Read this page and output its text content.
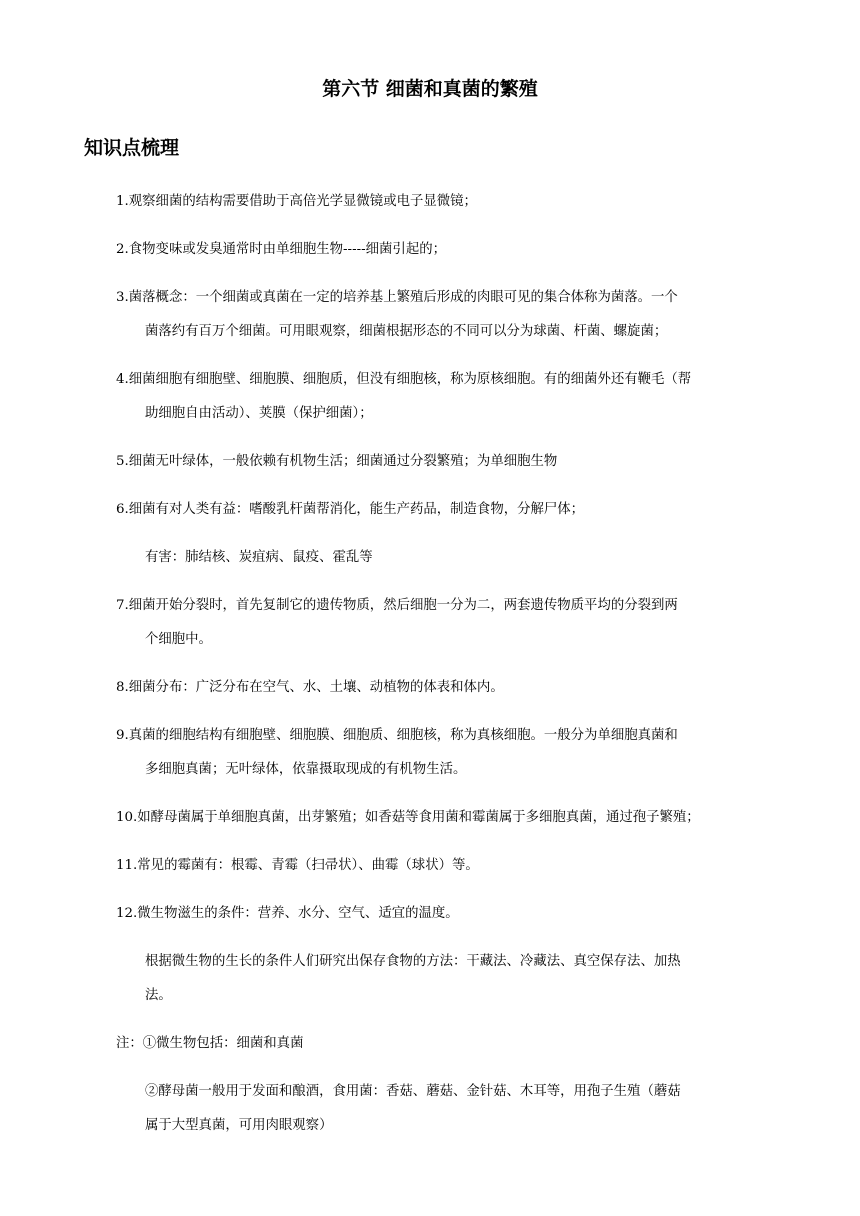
第六节 细菌和真菌的繁殖
知识点梳理
1.观察细菌的结构需要借助于高倍光学显微镜或电子显微镜；
2.食物变味或发臭通常时由单细胞生物-----细菌引起的；
3.菌落概念：一个细菌或真菌在一定的培养基上繁殖后形成的肉眼可见的集合体称为菌落。一个
菌落约有百万个细菌。可用眼观察，细菌根据形态的不同可以分为球菌、杆菌、螺旋菌；
4.细菌细胞有细胞壁、细胞膜、细胞质，但没有细胞核，称为原核细胞。有的细菌外还有鞭毛（帮
助细胞自由活动）、荚膜（保护细菌）；
5.细菌无叶绿体，一般依赖有机物生活；细菌通过分裂繁殖；为单细胞生物
6.细菌有对人类有益：嗜酸乳杆菌帮消化，能生产药品，制造食物，分解尸体；
有害：肺结核、炭疽病、鼠疫、霍乱等
7.细菌开始分裂时，首先复制它的遗传物质，然后细胞一分为二，两套遗传物质平均的分裂到两
个细胞中。
8.细菌分布：广泛分布在空气、水、土壤、动植物的体表和体内。
9.真菌的细胞结构有细胞壁、细胞膜、细胞质、细胞核，称为真核细胞。一般分为单细胞真菌和
多细胞真菌；无叶绿体，依靠摄取现成的有机物生活。
10.如酵母菌属于单细胞真菌，出芽繁殖；如香菇等食用菌和霉菌属于多细胞真菌，通过孢子繁殖；
11.常见的霉菌有：根霉、青霉（扫帚状）、曲霉（球状）等。
12.微生物滋生的条件：营养、水分、空气、适宜的温度。
根据微生物的生长的条件人们研究出保存食物的方法：干藏法、冷藏法、真空保存法、加热
法。
注：①微生物包括：细菌和真菌
②酵母菌一般用于发面和酿酒，食用菌：香菇、蘑菇、金针菇、木耳等，用孢子生殖（蘑菇
属于大型真菌，可用肉眼观察）
